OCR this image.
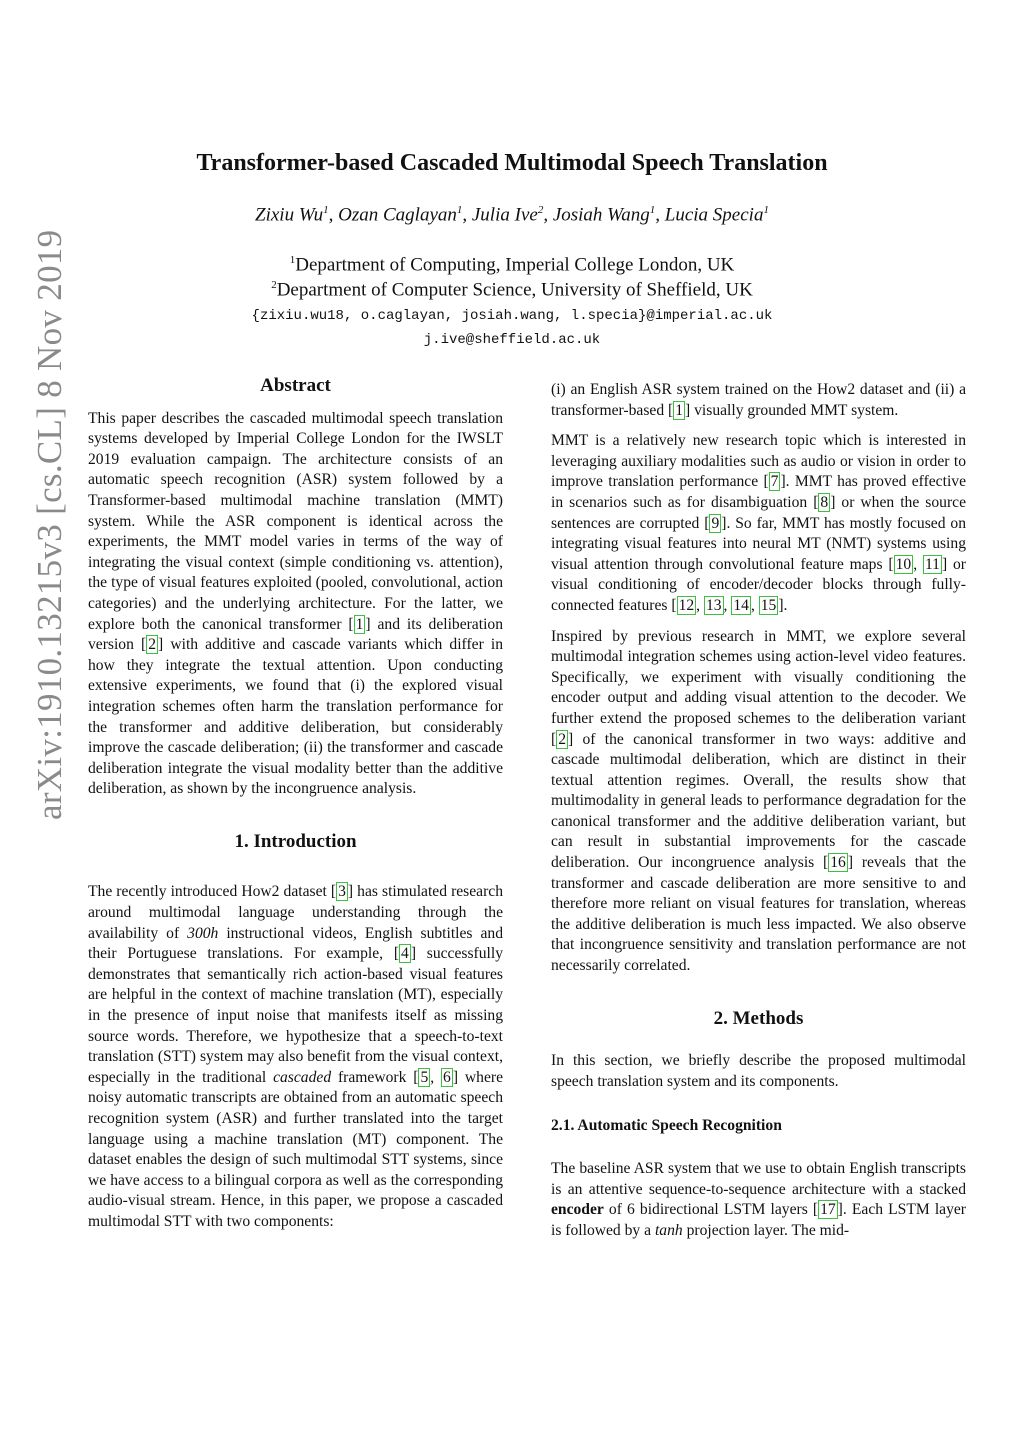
arXiv:1910.13215v3 [cs.CL] 8 Nov 2019
Transformer-based Cascaded Multimodal Speech Translation
Zixiu Wu$^1$, Ozan Caglayan$^1$, Julia Ive$^2$, Josiah Wang$^1$, Lucia Specia$^1$
$^1$Department of Computing, Imperial College London, UK
$^2$Department of Computer Science, University of Sheffield, UK
{zixiu.wu18, o.caglayan, josiah.wang, l.specia}@imperial.ac.uk
j.ive@sheffield.ac.uk
Abstract

This paper describes the cascaded multimodal speech translation systems developed by Imperial College London for the IWSLT 2019 evaluation campaign. The architecture consists of an automatic speech recognition (ASR) system followed by a Transformer-based multimodal machine translation (MMT) system. While the ASR component is identical across the experiments, the MMT model varies in terms of the way of integrating the visual context (simple conditioning vs. attention), the type of visual features exploited (pooled, convolutional, action categories) and the underlying architecture. For the latter, we explore both the canonical transformer [ 1 ] and its deliberation version [ 2 ] with additive and cascade variants which differ in how they integrate the textual attention. Upon conducting extensive experiments, we found that (i) the explored visual integration schemes often harm the translation performance for the transformer and additive deliberation, but considerably improve the cascade deliberation; (ii) the transformer and cascade deliberation integrate the visual modality better than the additive deliberation, as shown by the incongruence analysis.

1. Introduction

The recently introduced How2 dataset [ 3 ] has stimulated research around multimodal language understanding through the availability of 300h instructional videos, English subtitles and their Portuguese translations. For example, [ 4 ] successfully demonstrates that semantically rich action-based visual features are helpful in the context of machine translation (MT), especially in the presence of input noise that manifests itself as missing source words. Therefore, we hypothesize that a speech-to-text translation (STT) system may also benefit from the visual context, especially in the traditional cascaded framework [ 5 , 6 ] where noisy automatic transcripts are obtained from an automatic speech recognition system (ASR) and further translated into the target language using a machine translation (MT) component. The dataset enables the design of such multimodal STT systems, since we have access to a bilingual corpora as well as the corresponding audio-visual stream. Hence, in this paper, we propose a cascaded multimodal STT with two components:

(i) an English ASR system trained on the How2 dataset and (ii) a transformer-based [ 1 ] visually grounded MMT system.

MMT is a relatively new research topic which is interested in leveraging auxiliary modalities such as audio or vision in order to improve translation performance [ 7 ]. MMT has proved effective in scenarios such as for disambiguation [ 8 ] or when the source sentences are corrupted [ 9 ]. So far, MMT has mostly focused on integrating visual features into neural MT (NMT) systems using visual attention through convolutional feature maps [ 10 , 11 ] or visual conditioning of encoder/decoder blocks through fully-connected features [ 12 , 13 , 14 , 15 ].

Inspired by previous research in MMT, we explore several multimodal integration schemes using action-level video features. Specifically, we experiment with visually conditioning the encoder output and adding visual attention to the decoder. We further extend the proposed schemes to the deliberation variant [ 2 ] of the canonical transformer in two ways: additive and cascade multimodal deliberation, which are distinct in their textual attention regimes. Overall, the results show that multimodality in general leads to performance degradation for the canonical transformer and the additive deliberation variant, but can result in substantial improvements for the cascade deliberation. Our incongruence analysis [ 16 ] reveals that the transformer and cascade deliberation are more sensitive to and therefore more reliant on visual features for translation, whereas the additive deliberation is much less impacted. We also observe that incongruence sensitivity and translation performance are not necessarily correlated.

2. Methods

In this section, we briefly describe the proposed multimodal speech translation system and its components.

2.1. Automatic Speech Recognition

The baseline ASR system that we use to obtain English transcripts is an attentive sequence-to-sequence architecture with a stacked encoder of 6 bidirectional LSTM layers [ 17 ]. Each LSTM layer is followed by a tanh projection layer. The mid-
